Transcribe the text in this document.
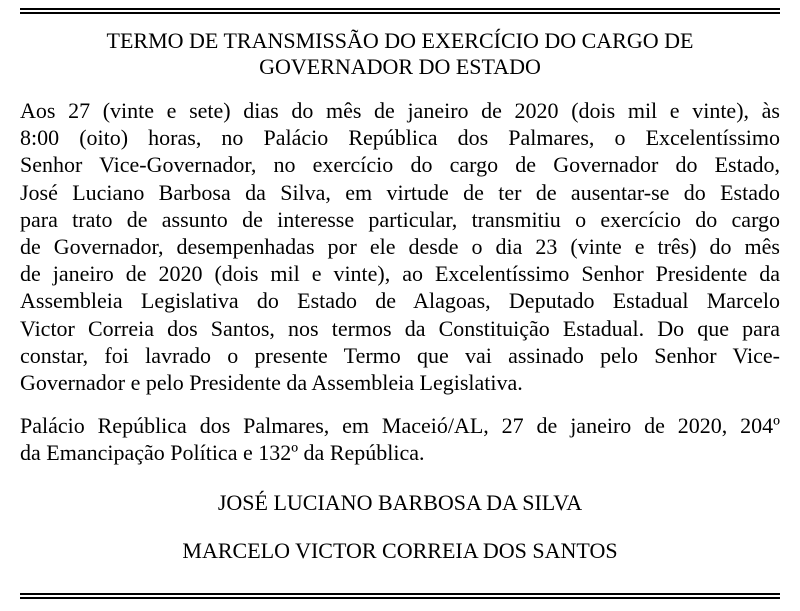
TERMO DE TRANSMISSÃO DO EXERCÍCIO DO CARGO DE
GOVERNADOR DO ESTADO
Aos 27 (vinte e sete) dias do mês de janeiro de 2020 (dois mil e vinte), às
8:00 (oito) horas, no Palácio República dos Palmares, o Excelentíssimo
Senhor Vice-Governador, no exercício do cargo de Governador do Estado,
José Luciano Barbosa da Silva, em virtude de ter de ausentar-se do Estado
para trato de assunto de interesse particular, transmitiu o exercício do cargo
de Governador, desempenhadas por ele desde o dia 23 (vinte e três) do mês
de janeiro de 2020 (dois mil e vinte), ao Excelentíssimo Senhor Presidente da
Assembleia Legislativa do Estado de Alagoas, Deputado Estadual Marcelo
Victor Correia dos Santos, nos termos da Constituição Estadual. Do que para
constar, foi lavrado o presente Termo que vai assinado pelo Senhor Vice-
Governador e pelo Presidente da Assembleia Legislativa.
Palácio República dos Palmares, em Maceió/AL, 27 de janeiro de 2020, 204º
da Emancipação Política e 132º da República.
JOSÉ LUCIANO BARBOSA DA SILVA
MARCELO VICTOR CORREIA DOS SANTOS
